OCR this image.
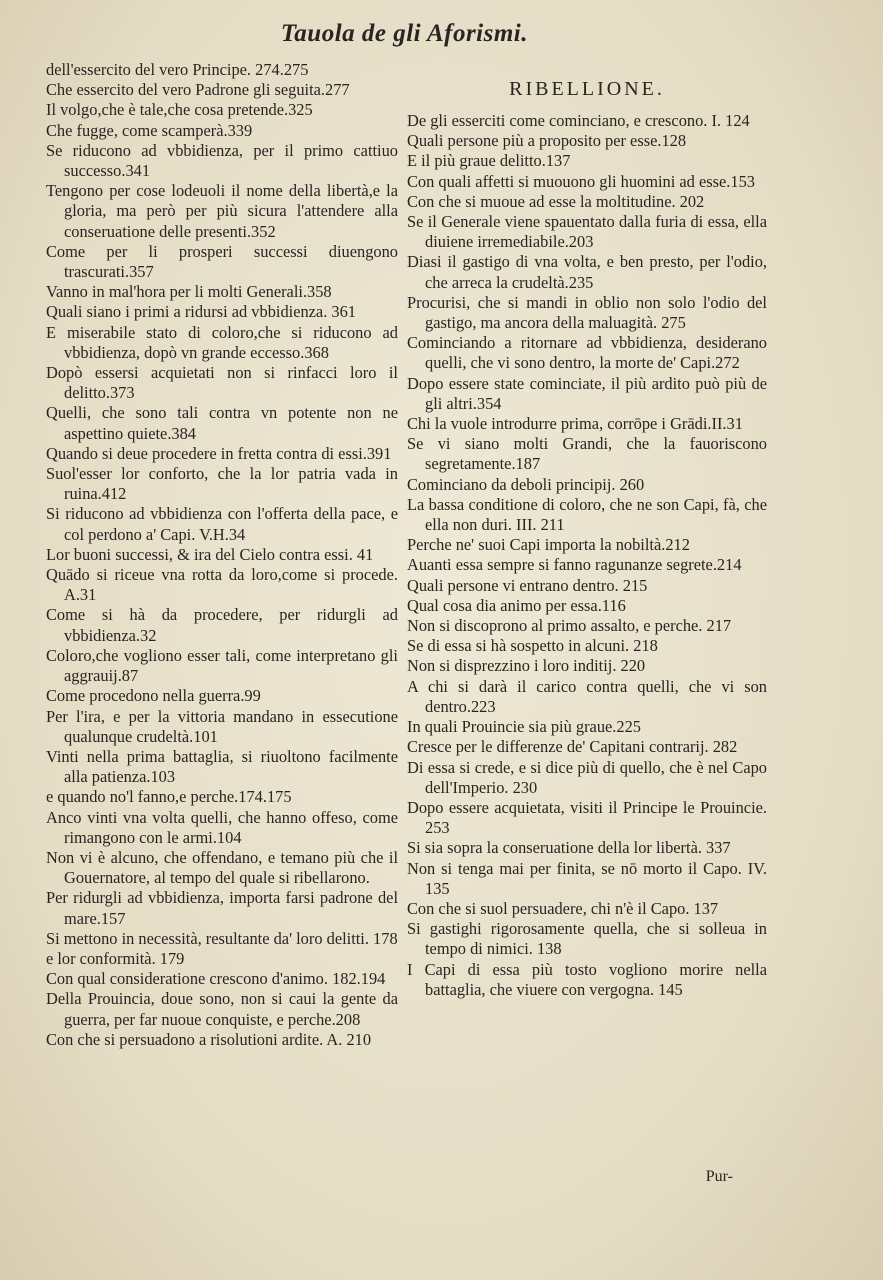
Tauola de gli Aforismi.

dell'essercito del vero Principe. 274.275

Che essercito del vero Padrone gli seguita.277

Il volgo,che è tale,che cosa pretende.325

Che fugge, come scamperà.339

Se riducono ad vbbidienza, per il primo cattiuo successo.341

Tengono per cose lodeuoli il nome della libertà,e la gloria, ma però per più sicura l'attendere alla conseruatione delle presenti.352

Come per li prosperi successi diuengono trascurati.357

Vanno in mal'hora per li molti Generali.358

Quali siano i primi a ridursi ad vbbidienza. 361

E miserabile stato di coloro,che si riducono ad vbbidienza, dopò vn grande eccesso.368

Dopò essersi acquietati non si rinfacci loro il delitto.373

Quelli, che sono tali contra vn potente non ne aspettino quiete.384

Quando si deue procedere in fretta contra di essi.391

Suol'esser lor conforto, che la lor patria vada in ruina.412

Si riducono ad vbbidienza con l'offerta della pace, e col perdono a' Capi. V.H.34

Lor buoni successi, & ira del Cielo contra essi. 41

Quādo si riceue vna rotta da loro,come si procede. A.31

Come si hà da procedere, per ridurgli ad vbbidienza.32

Coloro,che vogliono esser tali, come interpretano gli aggrauij.87

Come procedono nella guerra.99

Per l'ira, e per la vittoria mandano in essecutione qualunque crudeltà.101

Vinti nella prima battaglia, si riuoltono facilmente alla patienza.103

e quando no'l fanno,e perche.174.175

Anco vinti vna volta quelli, che hanno offeso, come rimangono con le armi.104

Non vi è alcuno, che offendano, e temano più che il Gouernatore, al tempo del quale si ribellarono.

Per ridurgli ad vbbidienza, importa farsi padrone del mare.157

Si mettono in necessità, resultante da' loro delitti. 178

e lor conformità. 179

Con qual consideratione crescono d'animo. 182.194

Della Prouincia, doue sono, non si caui la gente da guerra, per far nuoue conquiste, e perche.208

Con che si persuadono a risolutioni ardite. A. 210

RIBELLIONE.

De gli esserciti come cominciano, e crescono. I. 124

Quali persone più a proposito per esse.128

E il più graue delitto.137

Con quali affetti si muouono gli huomini ad esse.153

Con che si muoue ad esse la moltitudine. 202

Se il Generale viene spauentato dalla furia di essa, ella diuiene irremediabile.203

Diasi il gastigo di vna volta, e ben presto, per l'odio, che arreca la crudeltà.235

Procurisi, che si mandi in oblio non solo l'odio del gastigo, ma ancora della maluagità. 275

Cominciando a ritornare ad vbbidienza, desiderano quelli, che vi sono dentro, la morte de' Capi.272

Dopo essere state cominciate, il più ardito può più de gli altri.354

Chi la vuole introdurre prima, corrōpe i Grādi.II.31

Se vi siano molti Grandi, che la fauoriscono segretamente.187

Cominciano da deboli principij. 260

La bassa conditione di coloro, che ne son Capi, fà, che ella non duri. III. 211

Perche ne' suoi Capi importa la nobiltà.212

Auanti essa sempre si fanno ragunanze segrete.214

Quali persone vi entrano dentro. 215

Qual cosa dia animo per essa.116

Non si discoprono al primo assalto, e perche. 217

Se di essa si hà sospetto in alcuni. 218

Non si disprezzino i loro inditij. 220

A chi si darà il carico contra quelli, che vi son dentro.223

In quali Prouincie sia più graue.225

Cresce per le differenze de' Capitani contrarij. 282

Di essa si crede, e si dice più di quello, che è nel Capo dell'Imperio. 230

Dopo essere acquietata, visiti il Principe le Prouincie. 253

Si sia sopra la conseruatione della lor libertà. 337

Non si tenga mai per finita, se nō morto il Capo. IV. 135

Con che si suol persuadere, chi n'è il Capo. 137

Si gastighi rigorosamente quella, che si solleua in tempo di nimici. 138

I Capi di essa più tosto vogliono morire nella battaglia, che viuere con vergogna. 145

Pur-
